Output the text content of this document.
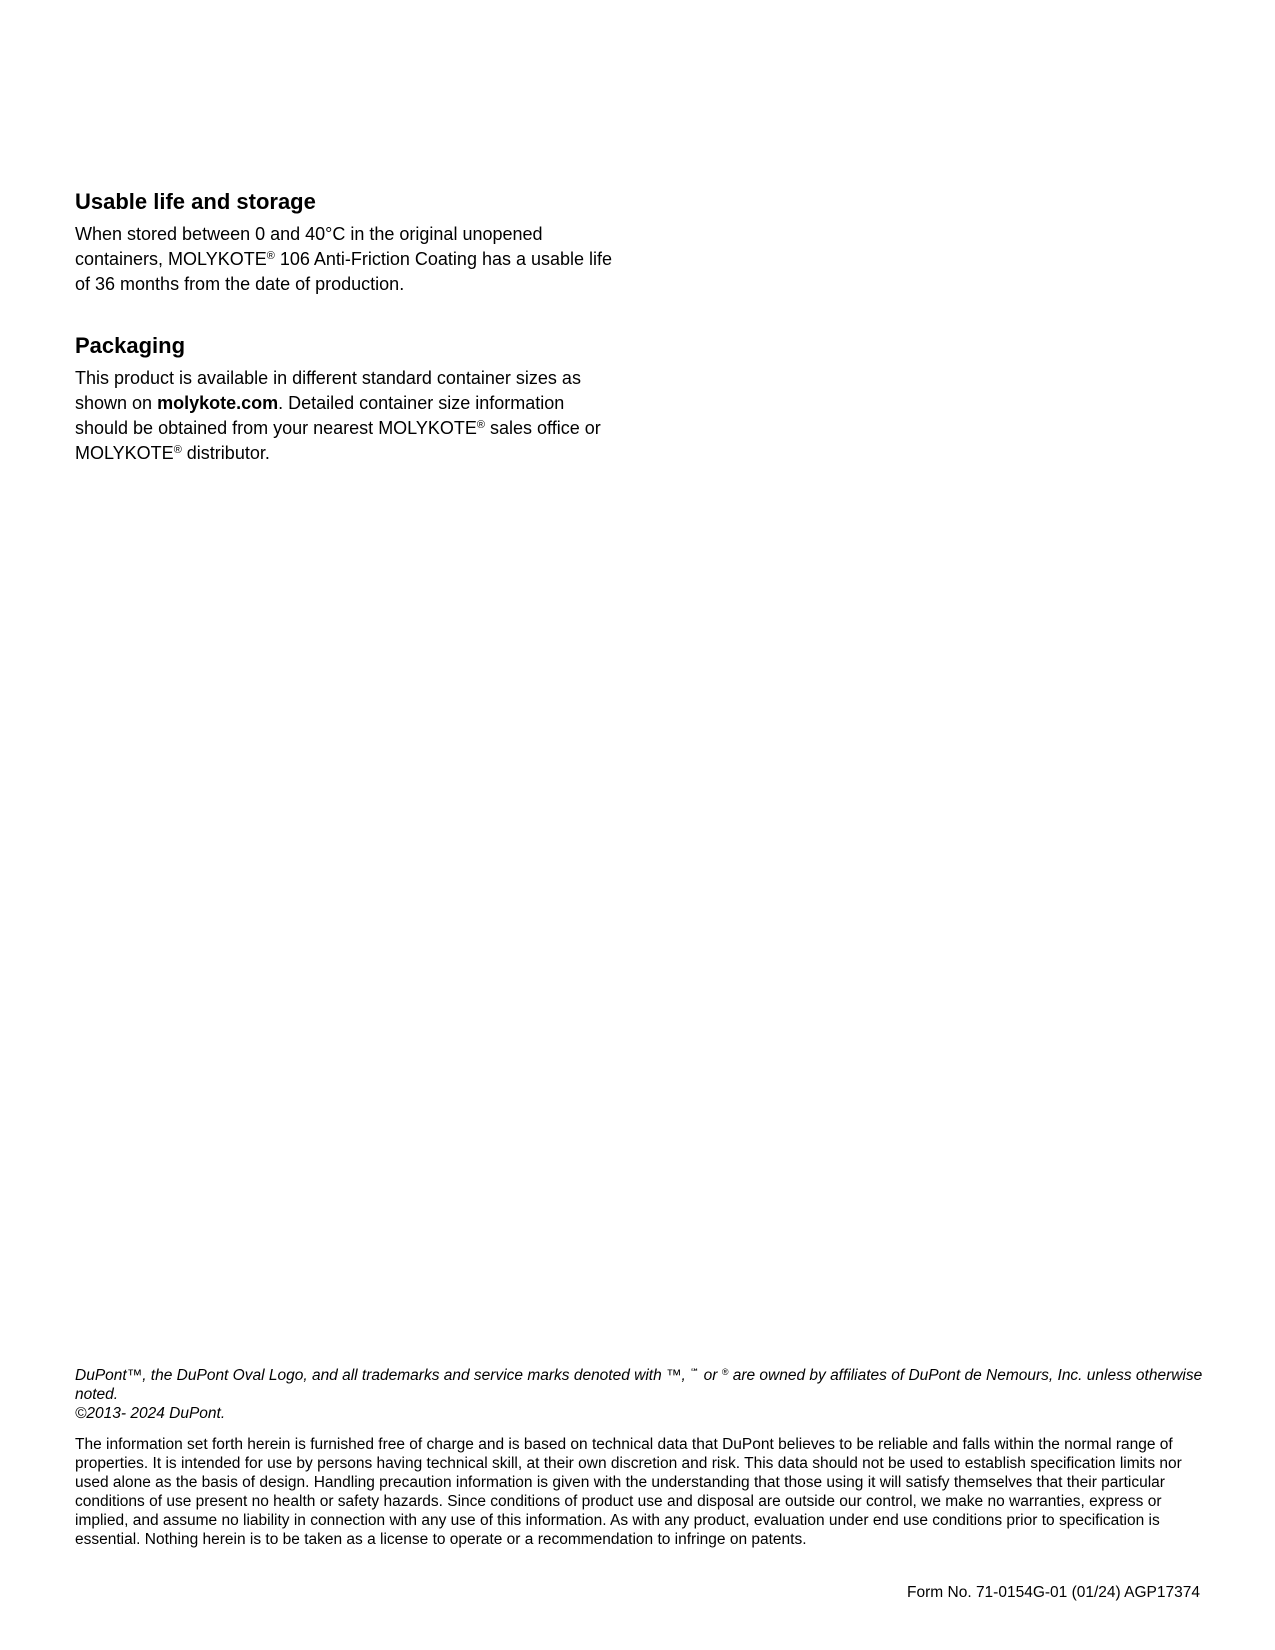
Usable life and storage

When stored between 0 and 40°C in the original unopened containers, MOLYKOTE® 106 Anti-Friction Coating has a usable life of 36 months from the date of production.

Packaging

This product is available in different standard container sizes as shown on molykote.com. Detailed container size information should be obtained from your nearest MOLYKOTE® sales office or MOLYKOTE® distributor.

DuPont™, the DuPont Oval Logo, and all trademarks and service marks denoted with ™, ℠ or ® are owned by affiliates of DuPont de Nemours, Inc. unless otherwise noted.

©2013- 2024 DuPont.

The information set forth herein is furnished free of charge and is based on technical data that DuPont believes to be reliable and falls within the normal range of properties. It is intended for use by persons having technical skill, at their own discretion and risk. This data should not be used to establish specification limits nor used alone as the basis of design. Handling precaution information is given with the understanding that those using it will satisfy themselves that their particular conditions of use present no health or safety hazards. Since conditions of product use and disposal are outside our control, we make no warranties, express or implied, and assume no liability in connection with any use of this information. As with any product, evaluation under end use conditions prior to specification is essential. Nothing herein is to be taken as a license to operate or a recommendation to infringe on patents.

Form No. 71-0154G-01 (01/24) AGP17374
